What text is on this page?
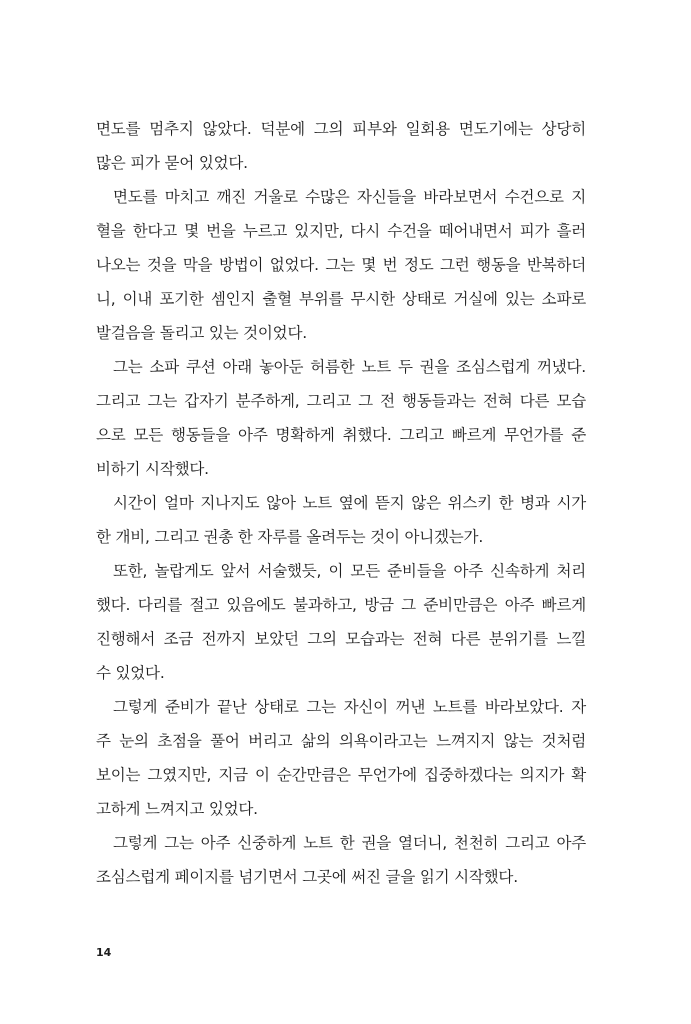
면도를 멈추지 않았다. 덕분에 그의 피부와 일회용 면도기에는 상당히
많은 피가 묻어 있었다.
면도를 마치고 깨진 거울로 수많은 자신들을 바라보면서 수건으로 지
혈을 한다고 몇 번을 누르고 있지만, 다시 수건을 떼어내면서 피가 흘러
나오는 것을 막을 방법이 없었다. 그는 몇 번 정도 그런 행동을 반복하더
니, 이내 포기한 셈인지 출혈 부위를 무시한 상태로 거실에 있는 소파로
발걸음을 돌리고 있는 것이었다.
그는 소파 쿠션 아래 놓아둔 허름한 노트 두 권을 조심스럽게 꺼냈다.
그리고 그는 갑자기 분주하게, 그리고 그 전 행동들과는 전혀 다른 모습
으로 모든 행동들을 아주 명확하게 취했다. 그리고 빠르게 무언가를 준
비하기 시작했다.
시간이 얼마 지나지도 않아 노트 옆에 뜯지 않은 위스키 한 병과 시가
한 개비, 그리고 권총 한 자루를 올려두는 것이 아니겠는가.
또한, 놀랍게도 앞서 서술했듯, 이 모든 준비들을 아주 신속하게 처리
했다. 다리를 절고 있음에도 불과하고, 방금 그 준비만큼은 아주 빠르게
진행해서 조금 전까지 보았던 그의 모습과는 전혀 다른 분위기를 느낄
수 있었다.
그렇게 준비가 끝난 상태로 그는 자신이 꺼낸 노트를 바라보았다. 자
주 눈의 초점을 풀어 버리고 삶의 의욕이라고는 느껴지지 않는 것처럼
보이는 그였지만, 지금 이 순간만큼은 무언가에 집중하겠다는 의지가 확
고하게 느껴지고 있었다.
그렇게 그는 아주 신중하게 노트 한 권을 열더니, 천천히 그리고 아주
조심스럽게 페이지를 넘기면서 그곳에 써진 글을 읽기 시작했다.
14
